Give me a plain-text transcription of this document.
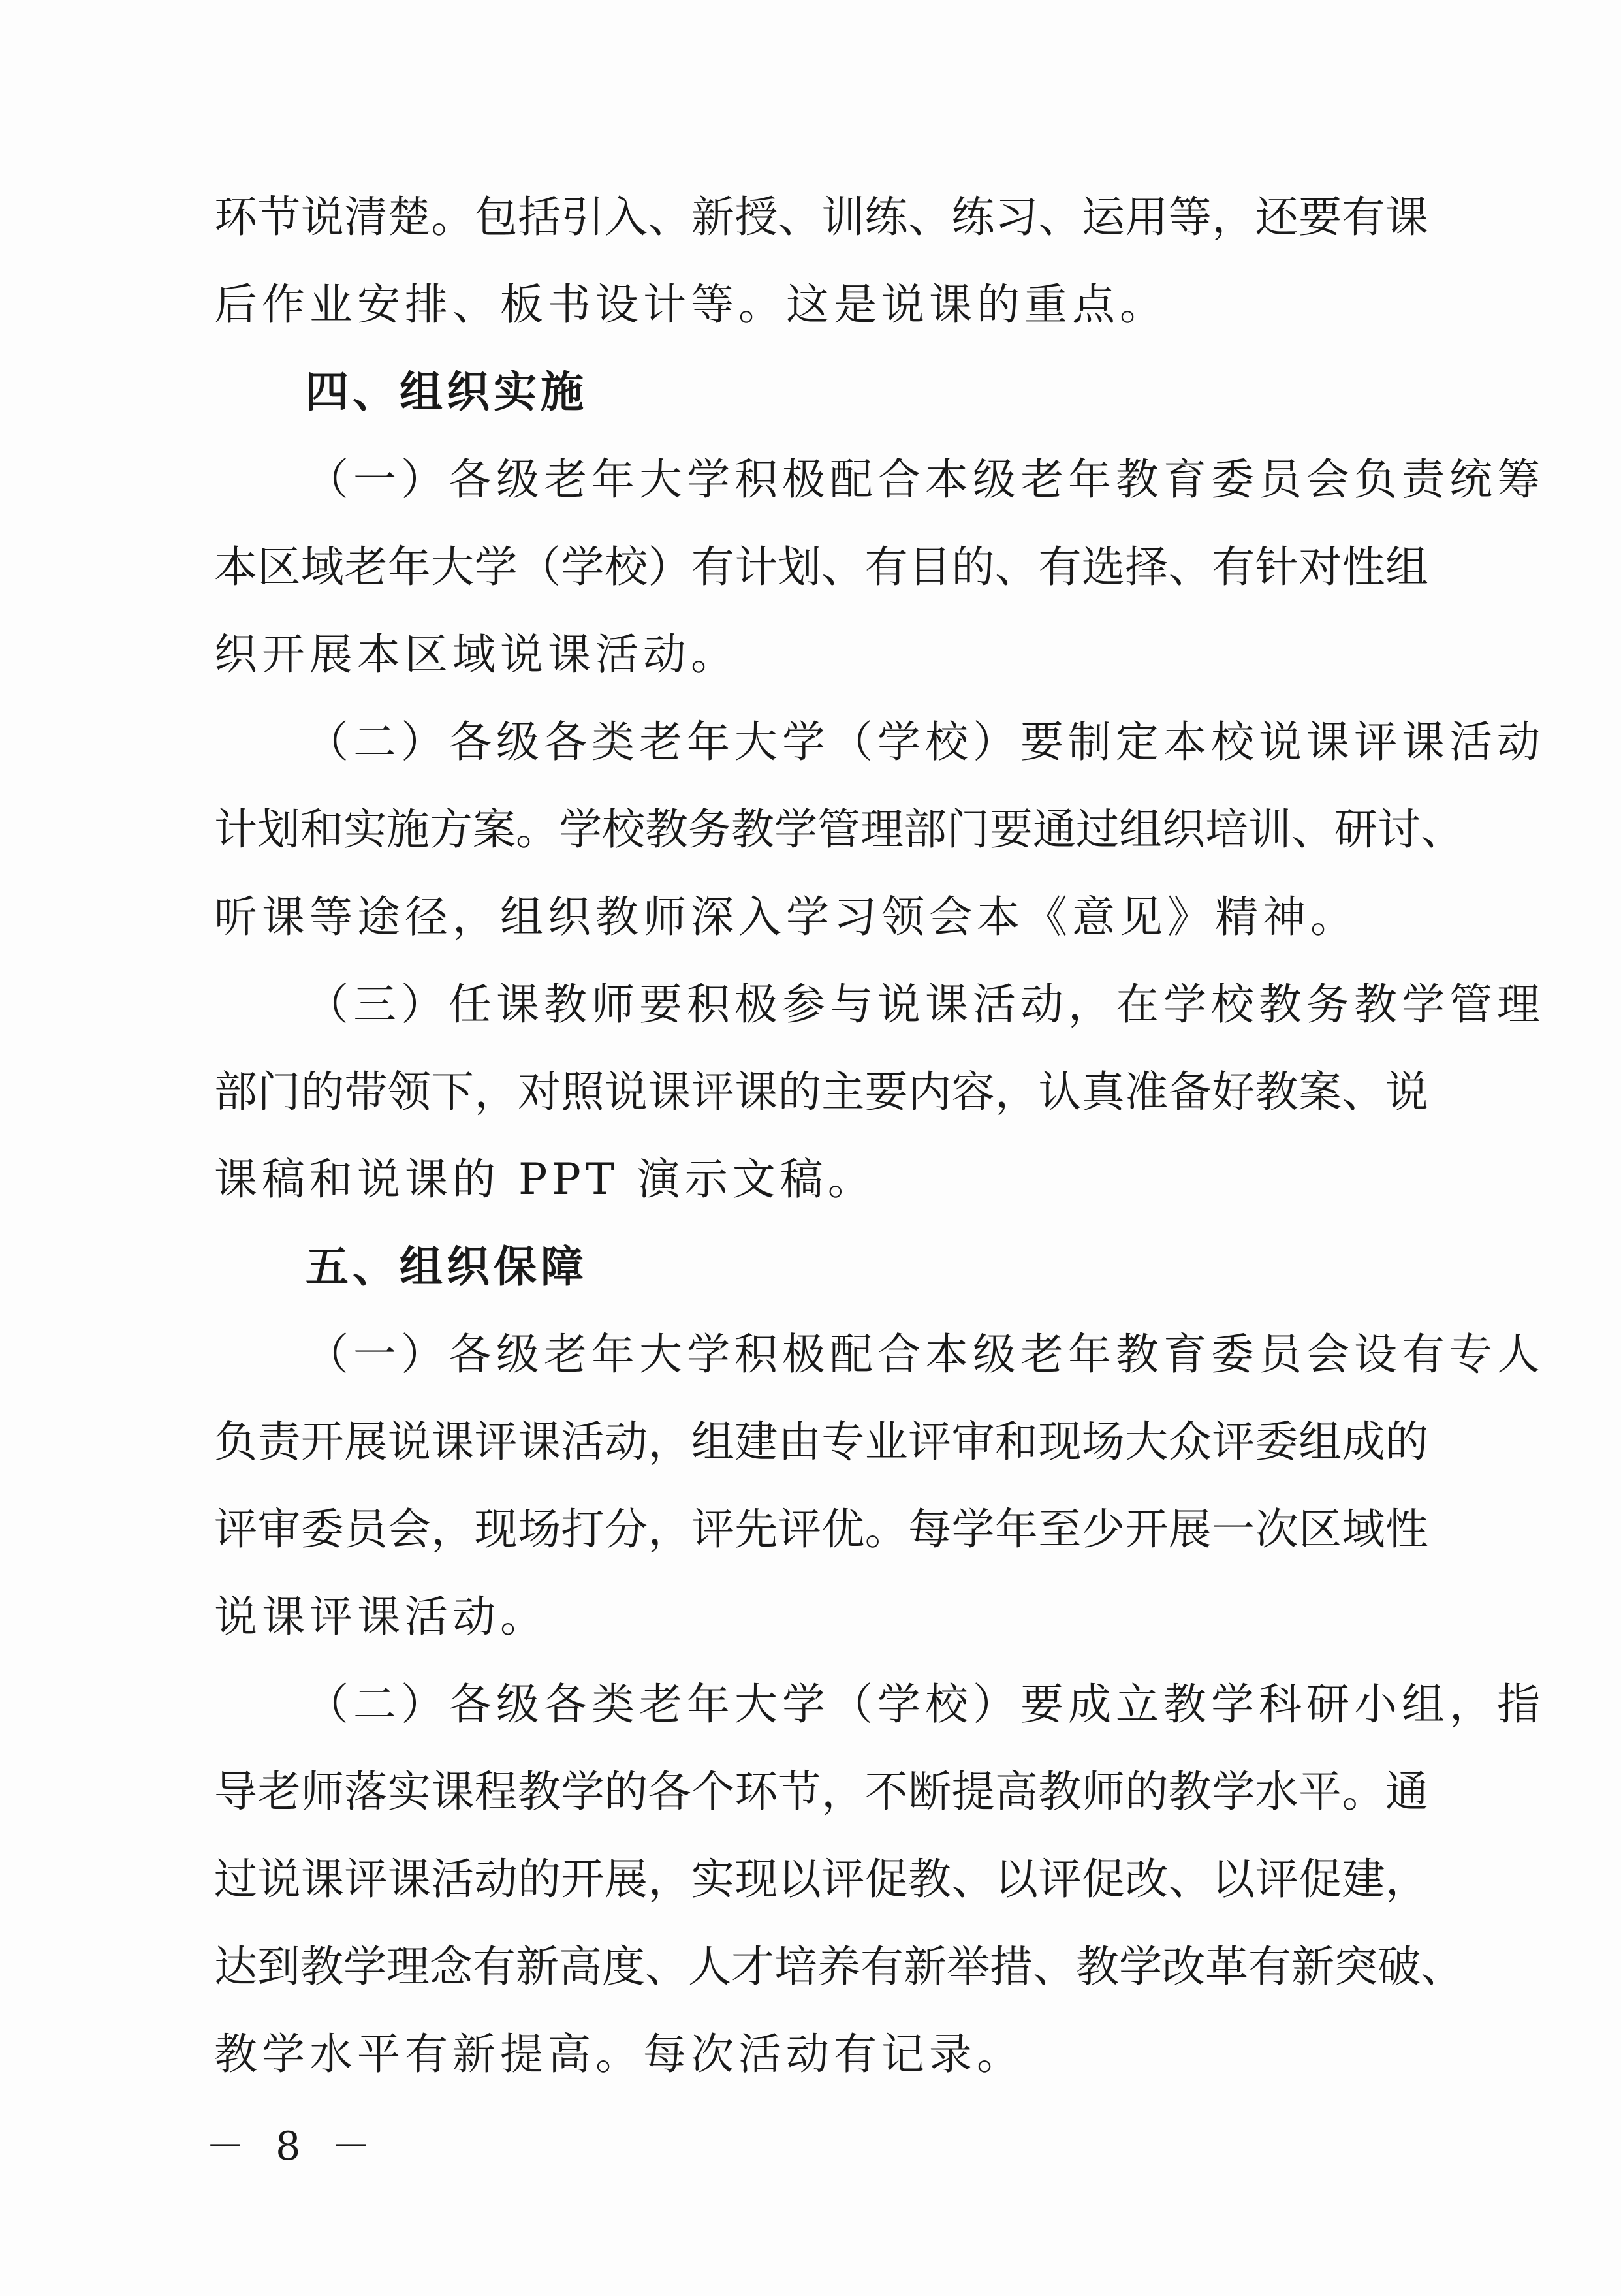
环节说清楚。包括引入、新授、训练、练习、运用等，还要有课
后作业安排、板书设计等。这是说课的重点。
四、组织实施
（一）各级老年大学积极配合本级老年教育委员会负责统筹
本区域老年大学（学校）有计划、有目的、有选择、有针对性组
织开展本区域说课活动。
（二）各级各类老年大学（学校）要制定本校说课评课活动
计划和实施方案。学校教务教学管理部门要通过组织培训、研讨、
听课等途径，组织教师深入学习领会本《意见》精神。
（三）任课教师要积极参与说课活动，在学校教务教学管理
部门的带领下，对照说课评课的主要内容，认真准备好教案、说
课稿和说课的 PPT 演示文稿。
五、组织保障
（一）各级老年大学积极配合本级老年教育委员会设有专人
负责开展说课评课活动，组建由专业评审和现场大众评委组成的
评审委员会，现场打分，评先评优。每学年至少开展一次区域性
说课评课活动。
（二）各级各类老年大学（学校）要成立教学科研小组，指
导老师落实课程教学的各个环节，不断提高教师的教学水平。通
过说课评课活动的开展，实现以评促教、以评促改、以评促建，
达到教学理念有新高度、人才培养有新举措、教学改革有新突破、
教学水平有新提高。每次活动有记录。
－ 8 －
